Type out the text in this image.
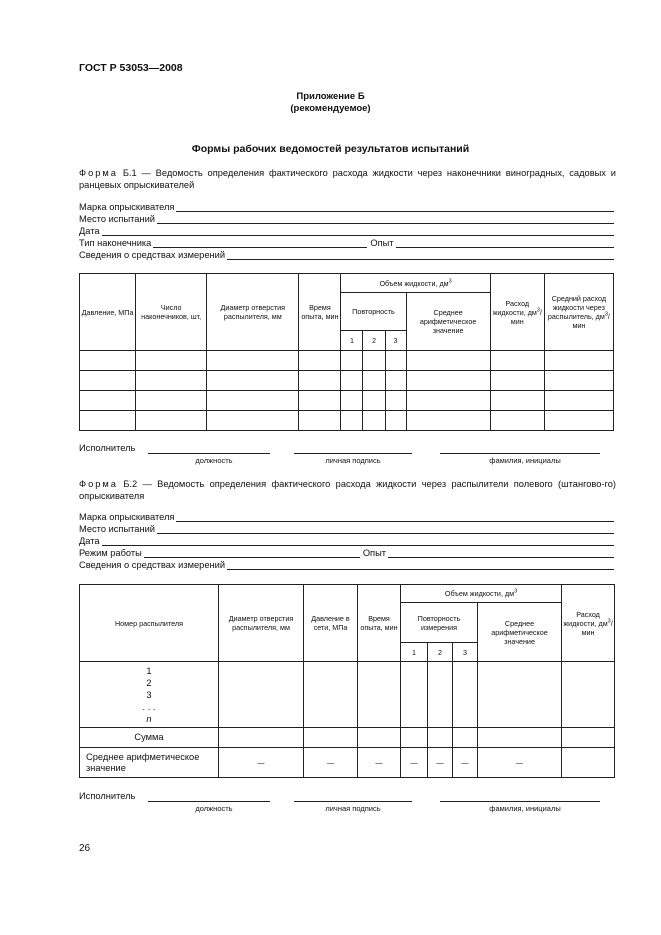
ГОСТ Р 53053—2008
Приложение Б
(рекомендуемое)
Формы рабочих ведомостей результатов испытаний
Форма Б.1 — Ведомость определения фактического расхода жидкости через наконечники виноградных, садовых и ранцевых опрыскивателей
Марка опрыскивателя
Место испытаний
Дата
Тип наконечника	Опыт
Сведения о средствах измерений
Давление, МПа	Число наконечников, шт,	Диаметр отверстия распылителя, мм	Время опыта, мин	Объем жидкости, $дм^3$				Расход жидкости, $дм^3$/мин	Средний расход жидкости через распылитель, $дм^3$/мин
				Повторность			Среднее арифметическое значение		
				1	2	3			

Исполнитель
должность	личная подпись	фамилия, инициалы
Форма Б.2 — Ведомость определения фактического расхода жидкости через распылители полевого (штангово-го) опрыскивателя
Марка опрыскивателя
Место испытаний
Дата
Режим работы	Опыт
Сведения о средствах измерений
Номер распылителя	Диаметр отверстия распылителя, мм	Давление в сети, МПа	Время опыта, мин	Объем жидкости, $дм^3$				Расход жидкости, $дм^3$/мин
				Повторность измерения			Среднее арифметическое значение	
				1	2	3		

1
2
3
. . .
n								

Сумма								
Среднее арифметическое значение	—	—	—	—	—	—	—	
Исполнитель
должность	личная подпись	фамилия, инициалы
26
